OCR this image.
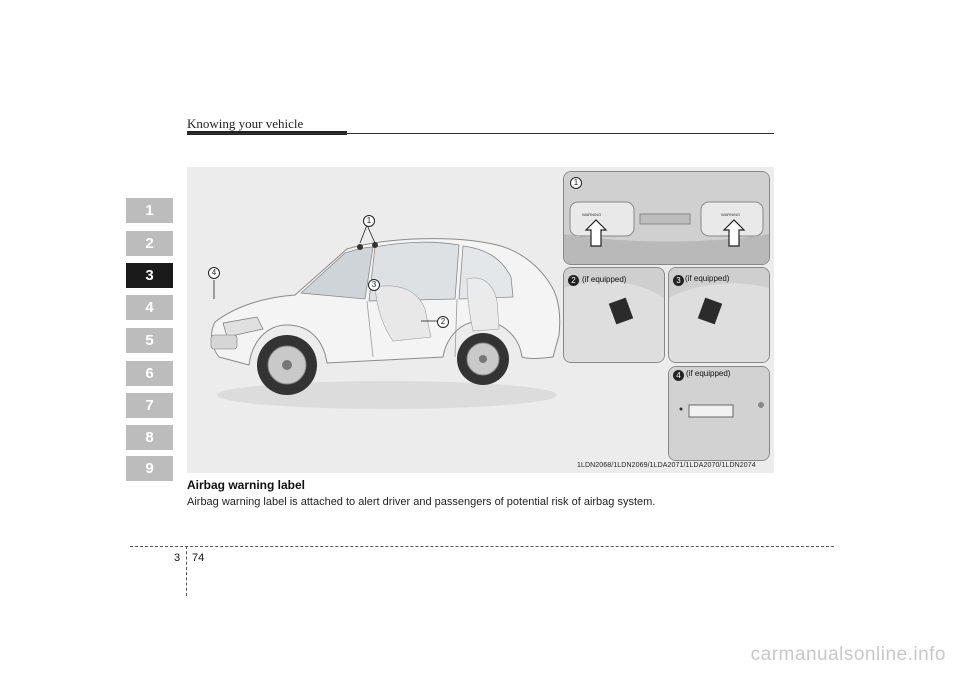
Knowing your vehicle
1
2
3
4
5
6
7
8
9
1
4
3
2
1
WARNING	WARNING
2 (if equipped)	3 (if equipped)
4 (if equipped)
1LDN2068/1LDN2069/1LDA2071/1LDA2070/1LDN2074
Airbag warning label
Airbag warning label is attached to alert driver and passengers of potential risk of airbag system.
3 74
carmanualsonline.info
